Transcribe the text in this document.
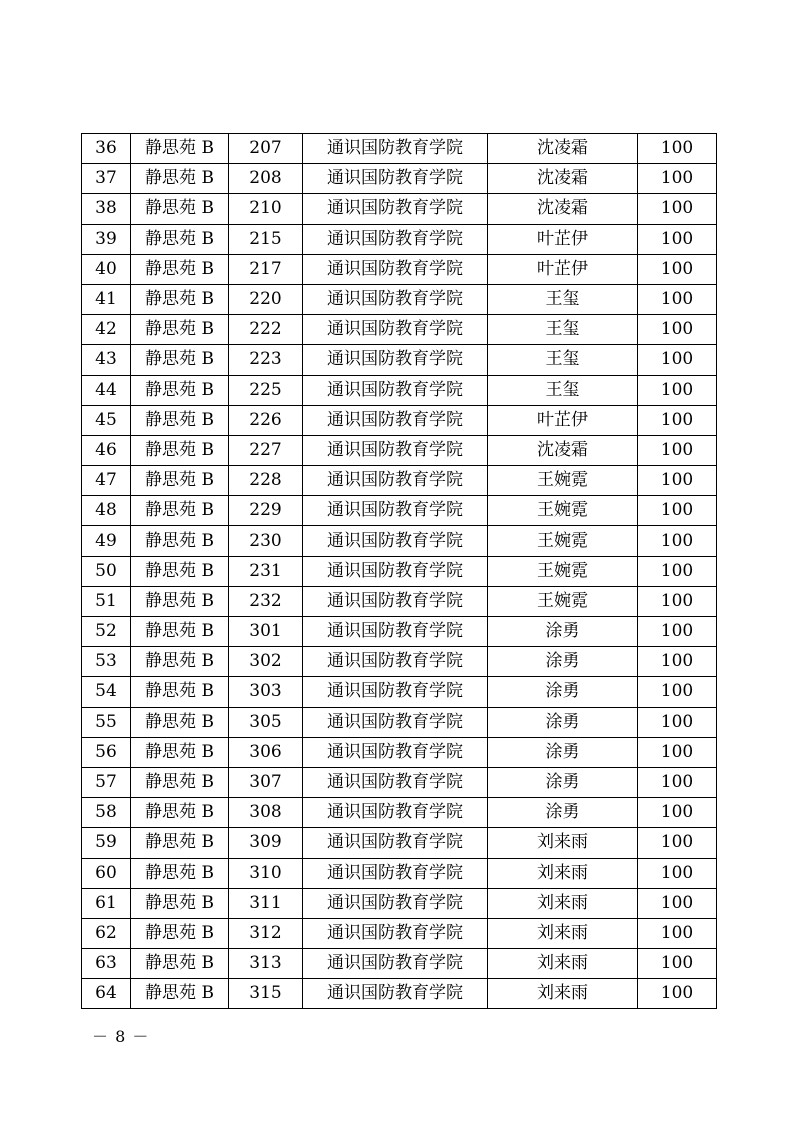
36	静思苑 B	207	通识国防教育学院	沈凌霜	100
37	静思苑 B	208	通识国防教育学院	沈凌霜	100
38	静思苑 B	210	通识国防教育学院	沈凌霜	100
39	静思苑 B	215	通识国防教育学院	叶芷伊	100
40	静思苑 B	217	通识国防教育学院	叶芷伊	100
41	静思苑 B	220	通识国防教育学院	王玺	100
42	静思苑 B	222	通识国防教育学院	王玺	100
43	静思苑 B	223	通识国防教育学院	王玺	100
44	静思苑 B	225	通识国防教育学院	王玺	100
45	静思苑 B	226	通识国防教育学院	叶芷伊	100
46	静思苑 B	227	通识国防教育学院	沈凌霜	100
47	静思苑 B	228	通识国防教育学院	王婉霓	100
48	静思苑 B	229	通识国防教育学院	王婉霓	100
49	静思苑 B	230	通识国防教育学院	王婉霓	100
50	静思苑 B	231	通识国防教育学院	王婉霓	100
51	静思苑 B	232	通识国防教育学院	王婉霓	100
52	静思苑 B	301	通识国防教育学院	涂勇	100
53	静思苑 B	302	通识国防教育学院	涂勇	100
54	静思苑 B	303	通识国防教育学院	涂勇	100
55	静思苑 B	305	通识国防教育学院	涂勇	100
56	静思苑 B	306	通识国防教育学院	涂勇	100
57	静思苑 B	307	通识国防教育学院	涂勇	100
58	静思苑 B	308	通识国防教育学院	涂勇	100
59	静思苑 B	309	通识国防教育学院	刘来雨	100
60	静思苑 B	310	通识国防教育学院	刘来雨	100
61	静思苑 B	311	通识国防教育学院	刘来雨	100
62	静思苑 B	312	通识国防教育学院	刘来雨	100
63	静思苑 B	313	通识国防教育学院	刘来雨	100
64	静思苑 B	315	通识国防教育学院	刘来雨	100
－ 8 －
